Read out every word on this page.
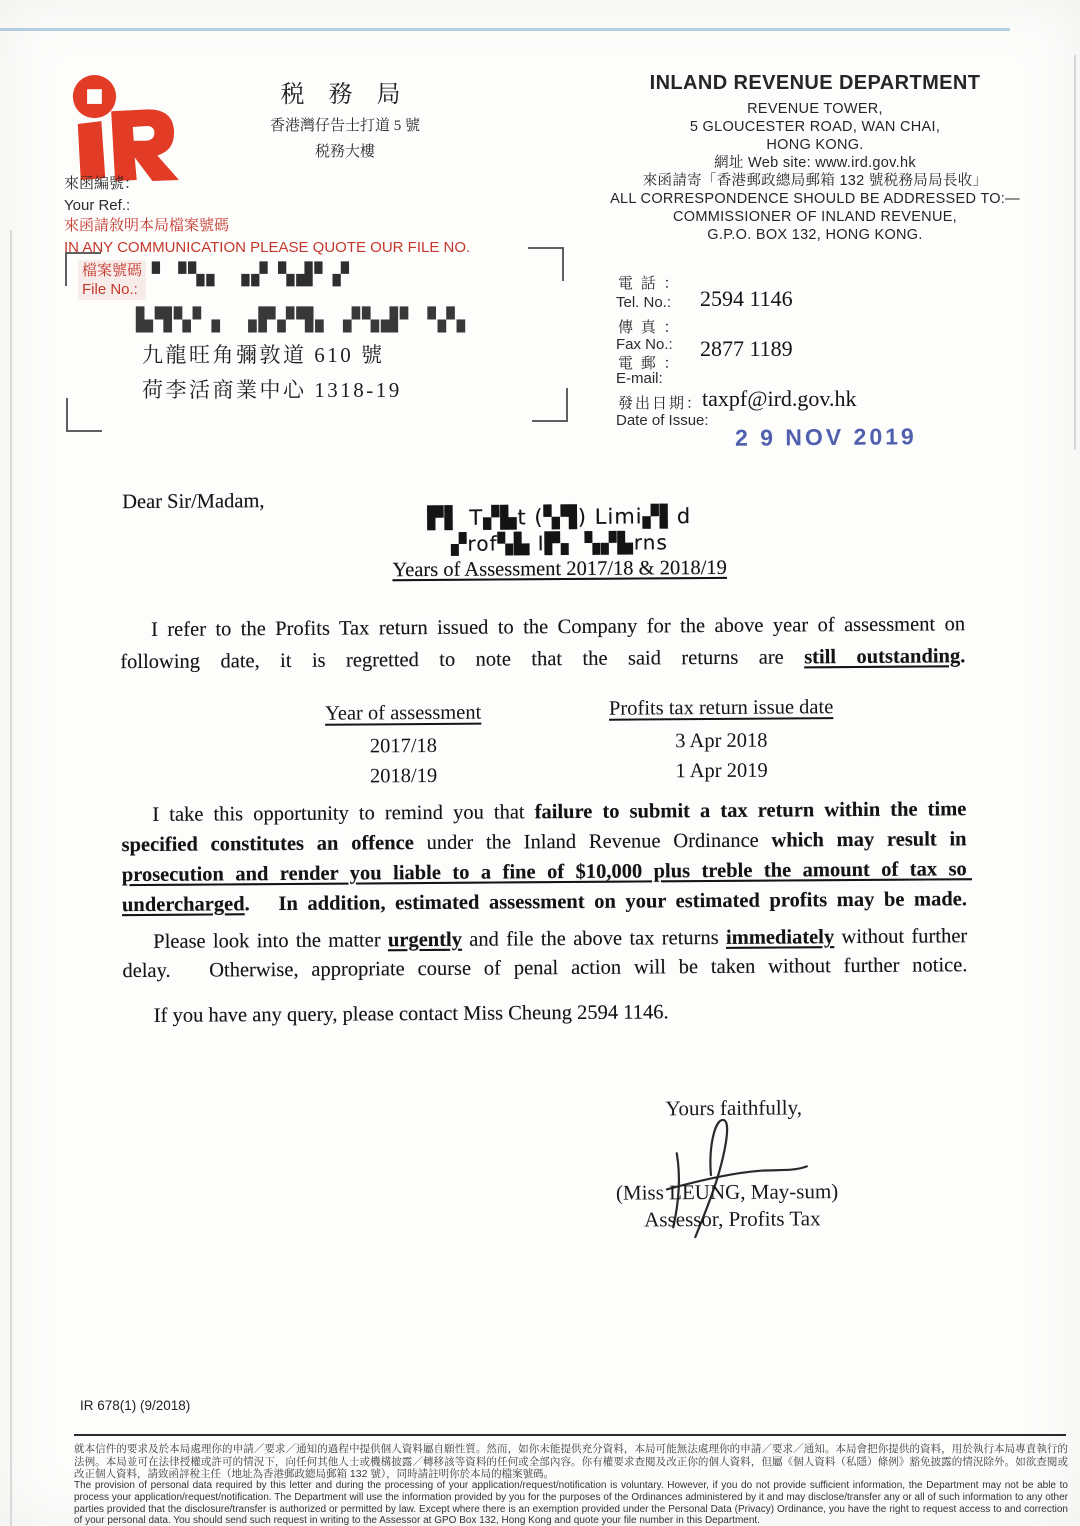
税 務 局
香港灣仔告士打道 5 號
税務大樓
INLAND REVENUE DEPARTMENT
REVENUE TOWER,
5 GLOUCESTER ROAD, WAN CHAI,
HONG KONG.
網址 Web site: www.ird.gov.hk
來函請寄「香港郵政總局郵箱 132 號税務局局長收」
ALL CORRESPONDENCE SHOULD BE ADDRESSED TO:—
COMMISSIONER OF INLAND REVENUE,
G.P.O. BOX 132, HONG KONG.
來函編號：
Your Ref.:
來函請敘明本局檔案號碼
IN ANY COMMUNICATION PLEASE QUOTE OUR FILE NO.
檔案號碼
File No.:
▘▝▚▖ ▗▞ ▚▟▘▞
▙▜▚▘▖ ▗▛▞▜▖ ▞▚▟▘▝▞▖
九龍旺角彌敦道 610 號
荷李活商業中心 1318-19
電 話 ：
Tel. No.: 2594 1146
傳 真 ：
Fax No.: 2877 1189
電 郵 ：
E-mail:
taxpf@ird.gov.hk
發出日期：
Date of Issue:
2 9 NOV 2019
Dear Sir/Madam,
▛▌ T▞▙t (▚▜) Limi▞▌d
▞rof▚▙ I▛▖ ▚▞▙rns
Years of Assessment 2017/18 & 2018/19
I refer to the Profits Tax return issued to the Company for the above year of assessment on following date, it is regretted to note that the said returns are still outstanding.
Year of assessment
2017/18
2018/19
Profits tax return issue date
3 Apr 2018
1 Apr 2019
I take this opportunity to remind you that failure to submit a tax return within the time specified constitutes an offence under the Inland Revenue Ordinance which may result in prosecution and render you liable to a fine of $10,000 plus treble the amount of tax so undercharged.   In addition, estimated assessment on your estimated profits may be made.
Please look into the matter urgently and file the above tax returns immediately without further delay.   Otherwise, appropriate course of penal action will be taken without further notice.
If you have any query, please contact Miss Cheung 2594 1146.
Yours faithfully,
(Miss LEUNG, May-sum)
Assessor, Profits Tax
IR 678(1) (9/2018)
就本信件的要求及於本局處理你的申請／要求／通知的過程中提供個人資料屬自願性質。然而，如你未能提供充分資料，本局可能無法處理你的申請／要求／通知。本局會把你提供的資料，用於執行本局專責執行的法例。本局並可在法律授權或許可的情況下，向任何其他人士或機構披露／轉移該等資料的任何或全部內容。你有權要求查閱及改正你的個人資料，但屬《個人資料（私隱）條例》豁免披露的情況除外。如欲查閱或改正個人資料，請致函評稅主任（地址為香港郵政總局郵箱 132 號），同時請註明你於本局的檔案號碼。
The provision of personal data required by this letter and during the processing of your application/request/notification is voluntary. However, if you do not provide sufficient information, the Department may not be able to process your application/request/notification. The Department will use the information provided by you for the purposes of the Ordinances administered by it and may disclose/transfer any or all of such information to any other parties provided that the disclosure/transfer is authorized or permitted by law. Except where there is an exemption provided under the Personal Data (Privacy) Ordinance, you have the right to request access to and correction of your personal data. You should send such request in writing to the Assessor at GPO Box 132, Hong Kong and quote your file number in this Department.
